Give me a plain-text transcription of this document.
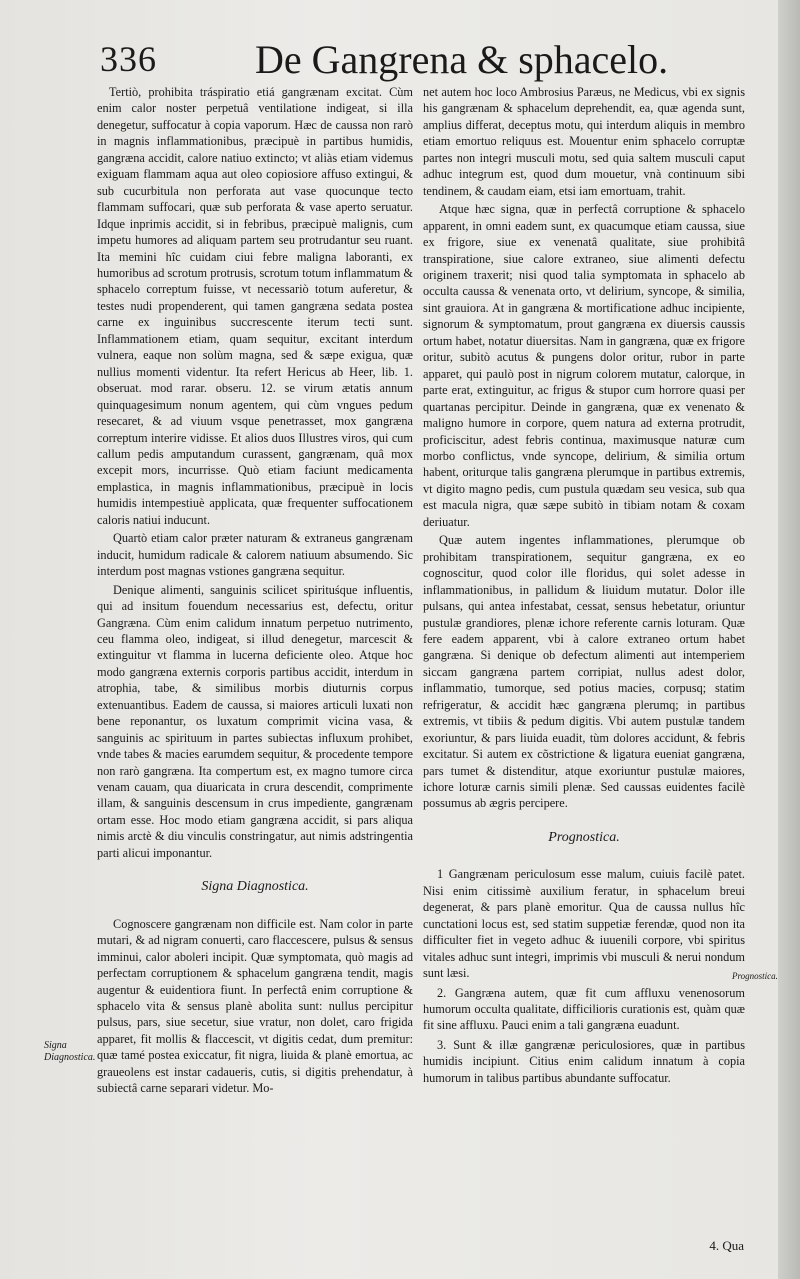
336 De Gangrena & sphacelo.

Tertiò, prohibita tráspiratio etiá gangrænam excitat. Cùm enim calor noster perpetuâ ventilatione indigeat, si illa denegetur, suffocatur à copia vaporum. Hæc de caussa non rarò in magnis inflammationibus, præcipuè in partibus humidis, gangræna accidit, calore natiuo extincto; vt aliàs etiam videmus exiguam flammam aqua aut oleo copiosiore affuso extingui, & sub cucurbitula non perforata aut vase quocunque tecto flammam suffocari, quæ sub perforata & vase aperto seruatur. Idque inprimis accidit, si in febribus, præcipuè malignis, cum impetu humores ad aliquam partem seu protrudantur seu ruant. Ita memini hîc cuidam ciui febre maligna laboranti, ex humoribus ad scrotum protrusis, scrotum totum inflammatum & sphacelo correptum fuisse, vt necessariò totum auferetur, & testes nudi propenderent, qui tamen gangræna sedata postea carne ex inguinibus succrescente iterum tecti sunt. Inflammationem etiam, quam sequitur, excitant interdum vulnera, eaque non solùm magna, sed & sæpe exigua, quæ nullius momenti videntur. Ita refert Hericus ab Heer, lib. 1. obseruat. mod rarar. obseru. 12. se virum ætatis annum quinquagesimum nonum agentem, qui cùm vngues pedum resecaret, & ad viuum vsque penetrasset, mox gangræna correptum interire vidisse. Et alios duos Illustres viros, qui cum callum pedis amputandum curassent, gangrænam, quâ mox excepit mors, incurrisse. Quò etiam faciunt medicamenta emplastica, in magnis inflammationibus, præcipuè in locis humidis intempestiuè applicata, quæ frequenter suffocationem caloris natiui inducunt.

Quartò etiam calor præter naturam & extraneus gangrænam inducit, humidum radicale & calorem natiuum absumendo. Sic interdum post magnas vstiones gangræna sequitur.

Denique alimenti, sanguinis scilicet spirituśque influentis, qui ad insitum fouendum necessarius est, defectu, oritur Gangræna. Cùm enim calidum innatum perpetuo nutrimento, ceu flamma oleo, indigeat, si illud denegetur, marcescit & extinguitur vt flamma in lucerna deficiente oleo. Atque hoc modo gangræna externis corporis partibus accidit, interdum in atrophia, tabe, & similibus morbis diuturnis corpus extenuantibus. Eadem de caussa, si maiores articuli luxati non bene reponantur, os luxatum comprimit vicina vasa, & sanguinis ac spirituum in partes subiectas influxum prohibet, vnde tabes & macies earumdem sequitur, & procedente tempore non rarò gangræna. Ita compertum est, ex magno tumore circa venam cauam, qua diuaricata in crura descendit, comprimente illam, & sanguinis descensum in crus impediente, gangrænam ortam esse. Hoc modo etiam gangræna accidit, si pars aliqua nimis arctè & diu vinculis constringatur, aut nimis adstringentia parti alicui imponantur.

Signa Diagnostica.

Cognoscere gangrænam non difficile est. Nam color in parte mutari, & ad nigram conuerti, caro flaccescere, pulsus & sensus imminui, calor aboleri incipit. Quæ symptomata, quò magis ad perfectam corruptionem & sphacelum gangræna tendit, magis augentur & euidentiora fiunt. In perfectâ enim corruptione & sphacelo vita & sensus planè abolita sunt: nullus percipitur pulsus, pars, siue secetur, siue vratur, non dolet, caro frigida apparet, fit mollis & flaccescit, vt digitis cedat, dum premitur: quæ tamé postea exiccatur, fit nigra, liuida & planè emortua, ac graueolens est instar cadaueris, cutis, si digitis prehendatur, à subiectâ carne separari videtur. Mo-

net autem hoc loco Ambrosius Paræus, ne Medicus, vbi ex signis his gangrænam & sphacelum deprehendit, ea, quæ agenda sunt, amplius differat, deceptus motu, qui interdum aliquis in membro etiam emortuo reliquus est. Mouentur enim sphacelo corruptæ partes non integri musculi motu, sed quia saltem musculi caput adhuc integrum est, quod dum mouetur, vnà continuum sibi tendinem, & caudam eiam, etsi iam emortuam, trahit.

Atque hæc signa, quæ in perfectâ corruptione & sphacelo apparent, in omni eadem sunt, ex quacumque etiam caussa, siue ex frigore, siue ex venenatâ qualitate, siue prohibitâ transpiratione, siue calore extraneo, siue alimenti defectu originem traxerit; nisi quod talia symptomata in sphacelo ab occulta caussa & venenata orto, vt delirium, syncope, & similia, sint grauiora. At in gangræna & mortificatione adhuc incipiente, signorum & symptomatum, prout gangræna ex diuersis caussis ortum habet, notatur diuersitas. Nam in gangræna, quæ ex frigore oritur, subitò acutus & pungens dolor oritur, rubor in parte apparet, qui paulò post in nigrum colorem mutatur, calorque, in parte erat, extinguitur, ac frigus & stupor cum horrore quasi per quartanas percipitur. Deinde in gangræna, quæ ex venenato & maligno humore in corpore, quem natura ad externa protrudit, proficiscitur, adest febris continua, maximusque naturæ cum morbo conflictus, vnde syncope, delirium, & similia ortum habent, oriturque talis gangræna plerumque in partibus extremis, vt digito magno pedis, cum pustula quædam seu vesica, sub qua est macula nigra, quæ sæpe subitò in tibiam notam & coxam deriuatur.

Quæ autem ingentes inflammationes, plerumque ob prohibitam transpirationem, sequitur gangræna, ex eo cognoscitur, quod color ille floridus, qui solet adesse in inflammationibus, in pallidum & liuidum mutatur. Dolor ille pulsans, qui antea infestabat, cessat, sensus hebetatur, oriuntur pustulæ grandiores, plenæ ichore referente carnis loturam. Quæ fere eadem apparent, vbi à calore extraneo ortum habet gangræna. Si denique ob defectum alimenti aut intemperiem siccam gangræna partem corripiat, nullus adest dolor, inflammatio, tumorque, sed potius macies, corpusq; statim refrigeratur, & accidit hæc gangræna plerumq; in partibus extremis, vt tibiis & pedum digitis. Vbi autem pustulæ tandem exoriuntur, & pars liuida euadit, tùm dolores accidunt, & febris excitatur. Si autem ex cõstrictione & ligatura eueniat gangræna, pars tumet & distenditur, atque exoriuntur pustulæ maiores, ichore loturæ carnis simili plenæ. Sed caussas euidentes facilè possumus ab ægris percipere.

Prognostica.

1 Gangrænam periculosum esse malum, cuiuis facilè patet. Nisi enim citissimè auxilium feratur, in sphacelum breui degenerat, & pars planè emoritur. Qua de caussa nullus hîc cunctationi locus est, sed statim suppetiæ ferendæ, quod non ita difficulter fiet in vegeto adhuc & iuuenili corpore, vbi spiritus vitales adhuc sunt integri, imprimis vbi musculi & nerui nondum sunt læsi.

2. Gangræna autem, quæ fit cum affluxu venenosorum humorum occulta qualitate, difficilioris curationis est, quàm quæ fit sine affluxu. Pauci enim a tali gangræna euadunt.

3. Sunt & illæ gangrænæ periculosiores, quæ in partibus humidis incipiunt. Citius enim calidum innatum à copia humorum in talibus partibus abundante suffocatur.

Signa Diagnostica.
Prognostica.
4. Qua
